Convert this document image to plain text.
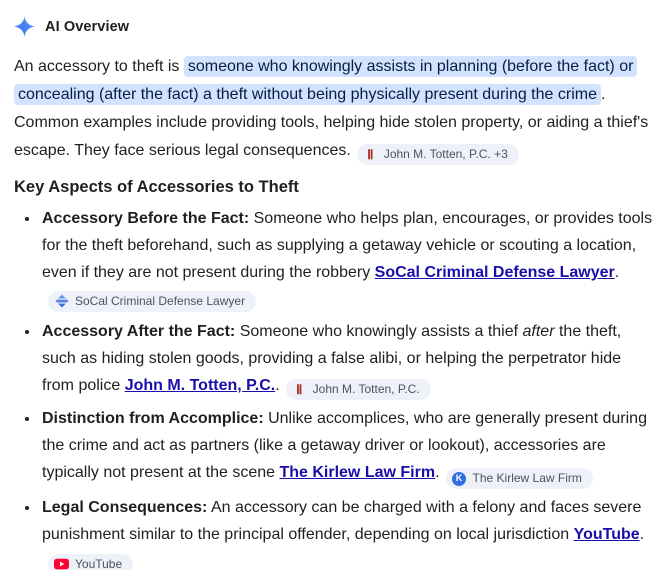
AI Overview

An accessory to theft is someone who knowingly assists in planning (before the fact) or concealing (after the fact) a theft without being physically present during the crime . Common examples include providing tools, helping hide stolen property, or aiding a thief's escape. They face serious legal consequences.	Ⅱ John M. Totten, P.C. +3

Key Aspects of Accessories to Theft
• Accessory Before the Fact: Someone who helps plan, encourages, or provides tools for the theft beforehand, such as supplying a getaway vehicle or scouting a location, even if they are not present during the robbery SoCal Criminal Defense Lawyer.
SoCal Criminal Defense Lawyer
• Accessory After the Fact: Someone who knowingly assists a thief after the theft, such as hiding stolen goods, providing a false alibi, or helping the perpetrator hide from police John M. Totten, P.C..	Ⅱ John M. Totten, P.C.
• Distinction from Accomplice: Unlike accomplices, who are generally present during the crime and act as partners (like a getaway driver or lookout), accessories are typically not present at the scene The Kirlew Law Firm.	K The Kirlew Law Firm
• Legal Consequences: An accessory can be charged with a felony and faces severe punishment similar to the principal offender, depending on local jurisdiction YouTube.
YouTube
